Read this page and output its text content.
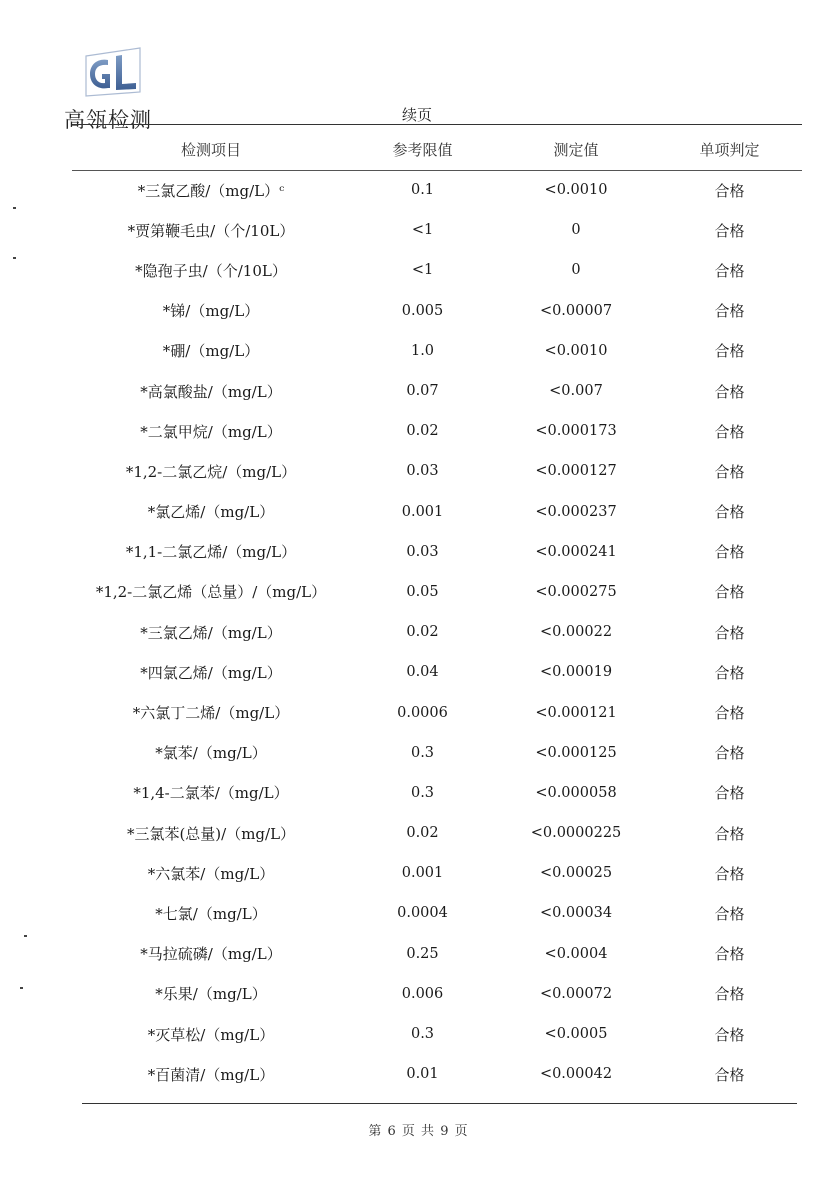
高瓴检测	续页
检测项目	参考限值	测定值	单项判定
*三氯乙酸/（mg/L）ᶜ	0.1	<0.0010	合格
*贾第鞭毛虫/（个/10L）	<1	0	合格
*隐孢子虫/（个/10L）	<1	0	合格
*锑/（mg/L）	0.005	<0.00007	合格
*硼/（mg/L）	1.0	<0.0010	合格
*高氯酸盐/（mg/L）	0.07	<0.007	合格
*二氯甲烷/（mg/L）	0.02	<0.000173	合格
*1,2-二氯乙烷/（mg/L）	0.03	<0.000127	合格
*氯乙烯/（mg/L）	0.001	<0.000237	合格
*1,1-二氯乙烯/（mg/L）	0.03	<0.000241	合格
*1,2-二氯乙烯（总量）/（mg/L）	0.05	<0.000275	合格
*三氯乙烯/（mg/L）	0.02	<0.00022	合格
*四氯乙烯/（mg/L）	0.04	<0.00019	合格
*六氯丁二烯/（mg/L）	0.0006	<0.000121	合格
*氯苯/（mg/L）	0.3	<0.000125	合格
*1,4-二氯苯/（mg/L）	0.3	<0.000058	合格
*三氯苯(总量)/（mg/L）	0.02	<0.0000225	合格
*六氯苯/（mg/L）	0.001	<0.00025	合格
*七氯/（mg/L）	0.0004	<0.00034	合格
*马拉硫磷/（mg/L）	0.25	<0.0004	合格
*乐果/（mg/L）	0.006	<0.00072	合格
*灭草松/（mg/L）	0.3	<0.0005	合格
*百菌清/（mg/L）	0.01	<0.00042	合格
第 6 页 共 9 页
